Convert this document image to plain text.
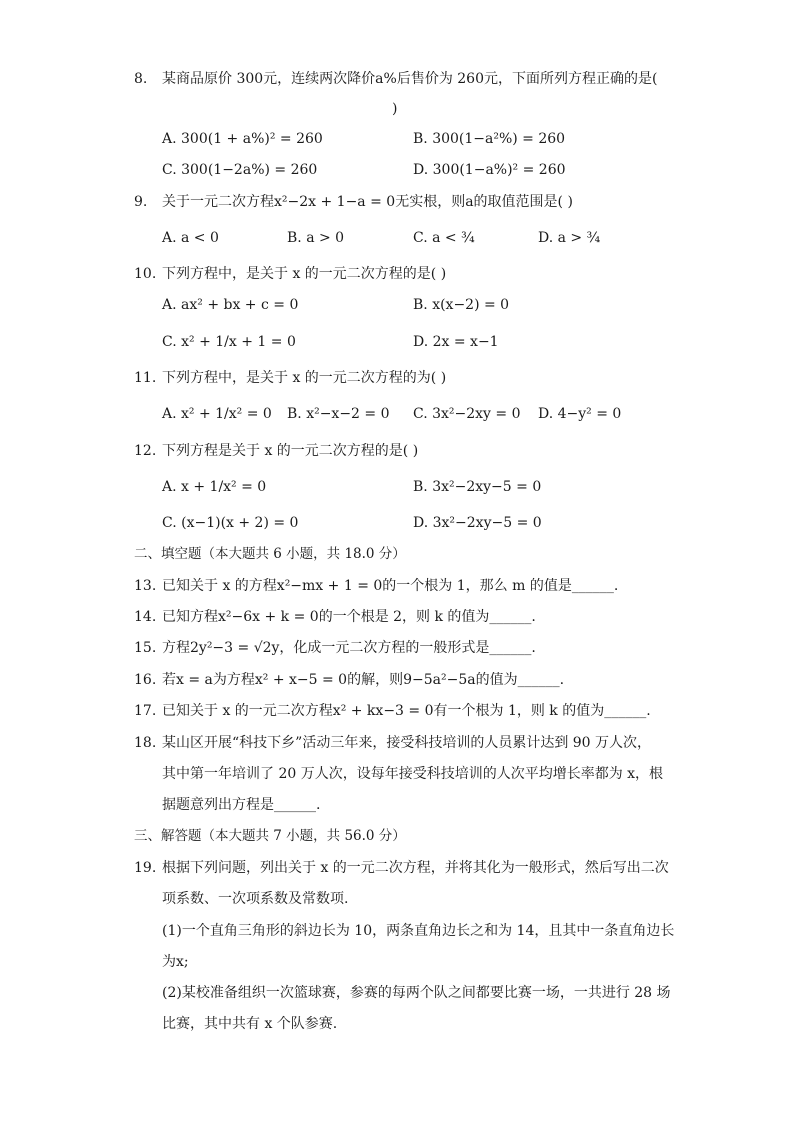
8. 某商品原价 300元，连续两次降价a%后售价为 260元，下面所列方程正确的是(
)
A. 300(1 + a%)² = 260	B. 300(1−a²%) = 260
C. 300(1−2a%) = 260	D. 300(1−a%)² = 260
9. 关于一元二次方程x²−2x + 1−a = 0无实根，则a的取值范围是( )
A. a < 0	B. a > 0	C. a < ¾	D. a > ¾
10. 下列方程中，是关于 x 的一元二次方程的是( )
A. ax² + bx + c = 0	B. x(x−2) = 0
C. x² + 1/x + 1 = 0	D. 2x = x−1
11. 下列方程中，是关于 x 的一元二次方程的为( )
A. x² + 1/x² = 0 B. x²−x−2 = 0 C. 3x²−2xy = 0 D. 4−y² = 0
12. 下列方程是关于 x 的一元二次方程的是( )
A. x + 1/x² = 0	B. 3x²−2xy−5 = 0
C. (x−1)(x + 2) = 0	D. 3x²−2xy−5 = 0
二、填空题（本大题共 6 小题，共 18.0 分）
13. 已知关于 x 的方程x²−mx + 1 = 0的一个根为 1，那么 m 的值是______.
14. 已知方程x²−6x + k = 0的一个根是 2，则 k 的值为______.
15. 方程2y²−3 = √2y，化成一元二次方程的一般形式是______.
16. 若x = a为方程x² + x−5 = 0的解，则9−5a²−5a的值为______.
17. 已知关于 x 的一元二次方程x² + kx−3 = 0有一个根为 1，则 k 的值为______.
18. 某山区开展“科技下乡”活动三年来，接受科技培训的人员累计达到 90 万人次，
其中第一年培训了 20 万人次，设每年接受科技培训的人次平均增长率都为 x，根
据题意列出方程是______.
三、解答题（本大题共 7 小题，共 56.0 分）
19. 根据下列问题，列出关于 x 的一元二次方程，并将其化为一般形式，然后写出二次
项系数、一次项系数及常数项.
(1)一个直角三角形的斜边长为 10，两条直角边长之和为 14，且其中一条直角边长
为x;
(2)某校准备组织一次篮球赛，参赛的每两个队之间都要比赛一场，一共进行 28 场
比赛，其中共有 x 个队参赛.
